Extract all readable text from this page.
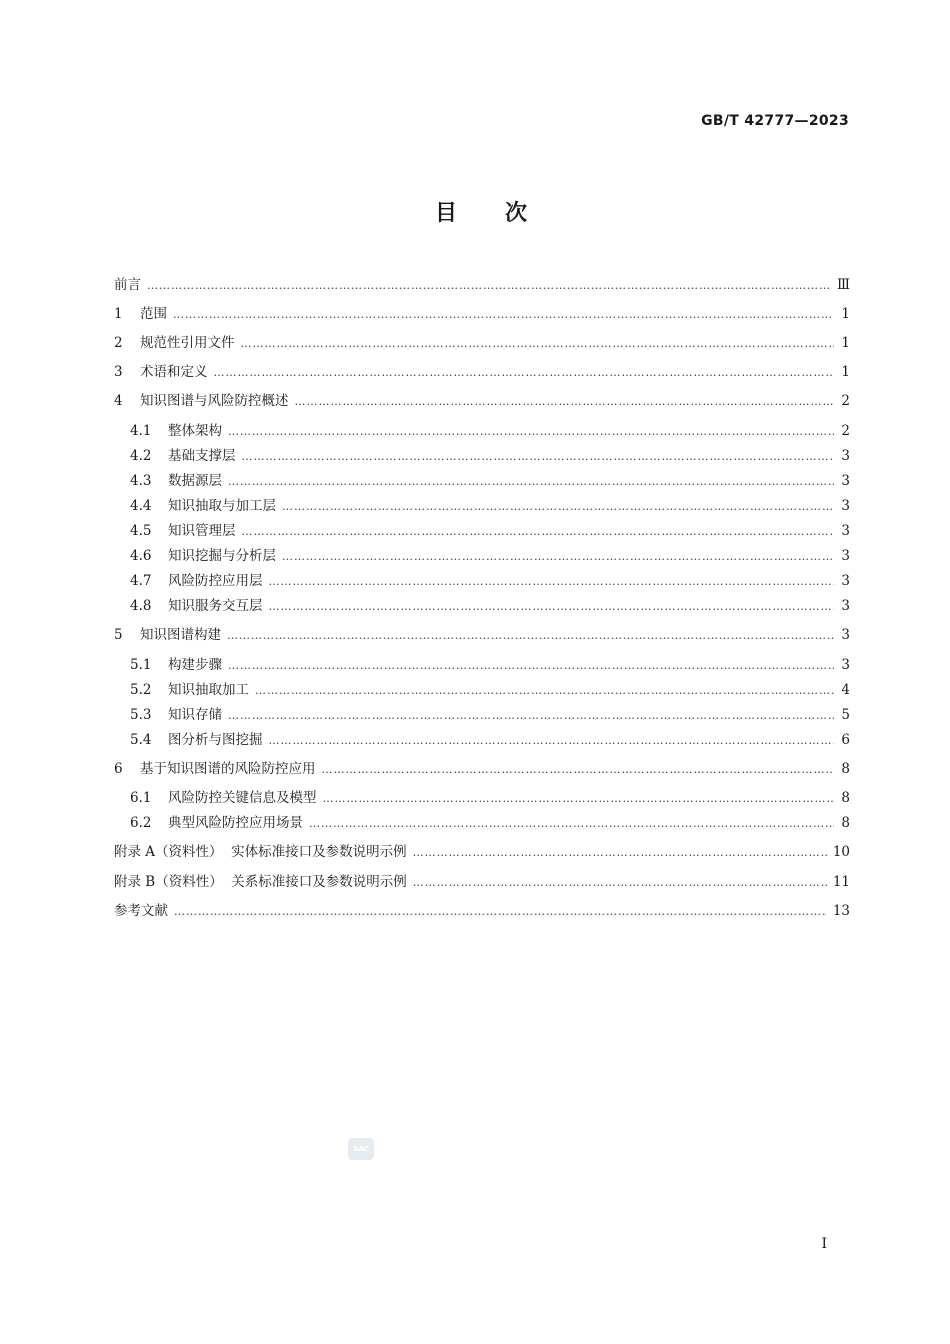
GB/T 42777—2023
目次
前言 …………………………………………………………………………………………………………………………………………………………………………………………………………………………………………………	Ⅲ
1	范围 …………………………………………………………………………………………………………………………………………………………………………………………………………………………………………………	1
2	规范性引用文件 …………………………………………………………………………………………………………………………………………………………………………………………………………………………………………………	1
3	术语和定义 …………………………………………………………………………………………………………………………………………………………………………………………………………………………………………………	1
4	知识图谱与风险防控概述 …………………………………………………………………………………………………………………………………………………………………………………………………………………………………………………	2
4.1	整体架构 …………………………………………………………………………………………………………………………………………………………………………………………………………………………………………………	2
4.2	基础支撑层 …………………………………………………………………………………………………………………………………………………………………………………………………………………………………………………	3
4.3	数据源层 …………………………………………………………………………………………………………………………………………………………………………………………………………………………………………………	3
4.4	知识抽取与加工层 …………………………………………………………………………………………………………………………………………………………………………………………………………………………………………………	3
4.5	知识管理层 …………………………………………………………………………………………………………………………………………………………………………………………………………………………………………………	3
4.6	知识挖掘与分析层 …………………………………………………………………………………………………………………………………………………………………………………………………………………………………………………	3
4.7	风险防控应用层 …………………………………………………………………………………………………………………………………………………………………………………………………………………………………………………	3
4.8	知识服务交互层 …………………………………………………………………………………………………………………………………………………………………………………………………………………………………………………	3
5	知识图谱构建 …………………………………………………………………………………………………………………………………………………………………………………………………………………………………………………	3
5.1	构建步骤 …………………………………………………………………………………………………………………………………………………………………………………………………………………………………………………	3
5.2	知识抽取加工 …………………………………………………………………………………………………………………………………………………………………………………………………………………………………………………	4
5.3	知识存储 …………………………………………………………………………………………………………………………………………………………………………………………………………………………………………………	5
5.4	图分析与图挖掘 …………………………………………………………………………………………………………………………………………………………………………………………………………………………………………………	6
6	基于知识图谱的风险防控应用 …………………………………………………………………………………………………………………………………………………………………………………………………………………………………………………	8
6.1	风险防控关键信息及模型 …………………………………………………………………………………………………………………………………………………………………………………………………………………………………………………	8
6.2	典型风险防控应用场景 …………………………………………………………………………………………………………………………………………………………………………………………………………………………………………………	8
附录 A（资料性）  实体标准接口及参数说明示例 …………………………………………………………………………………………………………………………………………………………………………………………………………………………………………………	10
附录 B（资料性）  关系标准接口及参数说明示例 …………………………………………………………………………………………………………………………………………………………………………………………………………………………………………………	11
参考文献 …………………………………………………………………………………………………………………………………………………………………………………………………………………………………………………	13
SAC
I
